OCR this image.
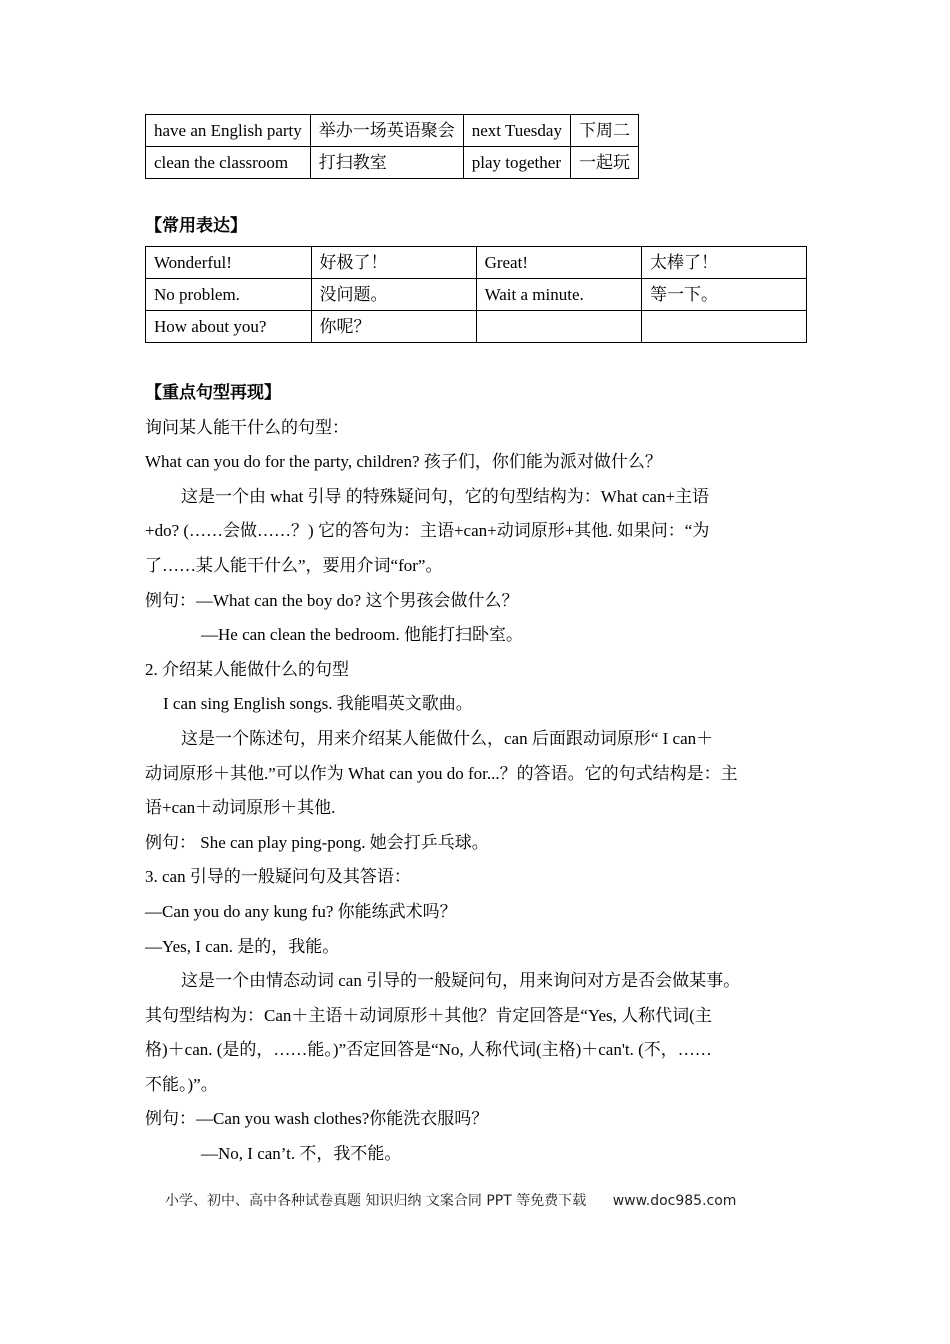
have an English party	举办一场英语聚会	next Tuesday	下周二
clean the classroom	打扫教室	play together	一起玩
【常用表达】
Wonderful!	好极了！	Great!	太棒了！
No problem.	没问题。	Wait a minute.	等一下。
How about you?	你呢？		

【重点句型再现】

询问某人能干什么的句型：

What can you do for the party, children? 孩子们，你们能为派对做什么？

这是一个由 what 引导 的特殊疑问句，它的句型结构为：What can+主语

+do? (……会做……？) 它的答句为：主语+can+动词原形+其他. 如果问：“为

了……某人能干什么”，要用介词“for”。

例句：—What can the boy do? 这个男孩会做什么？

—He can clean the bedroom. 他能打扫卧室。

2. 介绍某人能做什么的句型

I can sing English songs. 我能唱英文歌曲。

这是一个陈述句，用来介绍某人能做什么，can 后面跟动词原形“ I can＋

动词原形＋其他.”可以作为 What can you do for...？的答语。它的句式结构是：主

语+can＋动词原形＋其他.

例句： She can play ping-pong. 她会打乒乓球。

3. can 引导的一般疑问句及其答语：

—Can you do any kung fu? 你能练武术吗？

—Yes, I can. 是的，我能。

这是一个由情态动词 can 引导的一般疑问句，用来询问对方是否会做某事。

其句型结构为：Can＋主语＋动词原形＋其他？肯定回答是“Yes, 人称代词(主

格)＋can. (是的，……能。)”否定回答是“No, 人称代词(主格)＋can't. (不，……

不能。)”。

例句：—Can you wash clothes?你能洗衣服吗？

—No, I can’t. 不，我不能。

小学、初中、高中各种试卷真题 知识归纳 文案合同 PPT 等免费下载 www.doc985.com
